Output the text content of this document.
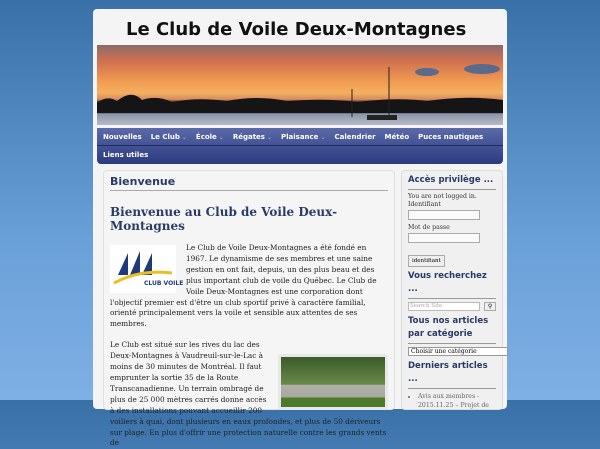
Le Club de Voile Deux-Montagnes
Nouvelles Le Club ⌄ École ⌄ Régates ⌄ Plaisance ⌄ Calendrier Météo Puces nautiques
Liens utiles
Bienvenue
Bienvenue au Club de Voile Deux-Montagnes
CLUB VOILE

Le Club de Voile Deux-Montagnes a été fondé en 1967. Le dynamisme de ses membres et une saine gestion en ont fait, depuis, un des plus beau et des plus important club de voile du Québec. Le Club de Voile Deux-Montagnes est une corporation dont l'objectif premier est d'être un club sportif privé à caractère familial, orienté principalement vers la voile et sensible aux attentes de ses membres.

Le Club est situé sur les rives du lac des Deux-Montagnes à Vaudreuil-sur-le-Lac à moins de 30 minutes de Montréal. Il faut emprunter la sortie 35 de la Route Transcanadienne. Un terrain ombragé de plus de 25 000 mètres carrés donne accès à des installations pouvant accueillir 200 voiliers à quai, dont plusieurs en eaux profondes, et plus de 50 dériveurs sur plage. En plus d'offrir une protection naturelle contre les grands vents de

Accès privilège ...
You are not logged in.
Identifiant
Mot de passe
identifiant
Vous recherchez ...
Search Site	⚲
Tous nos articles par catégorie
Choisir une catégorie
Derniers articles ...
• Avis aux membres - 2015.11.25 – Projet de
